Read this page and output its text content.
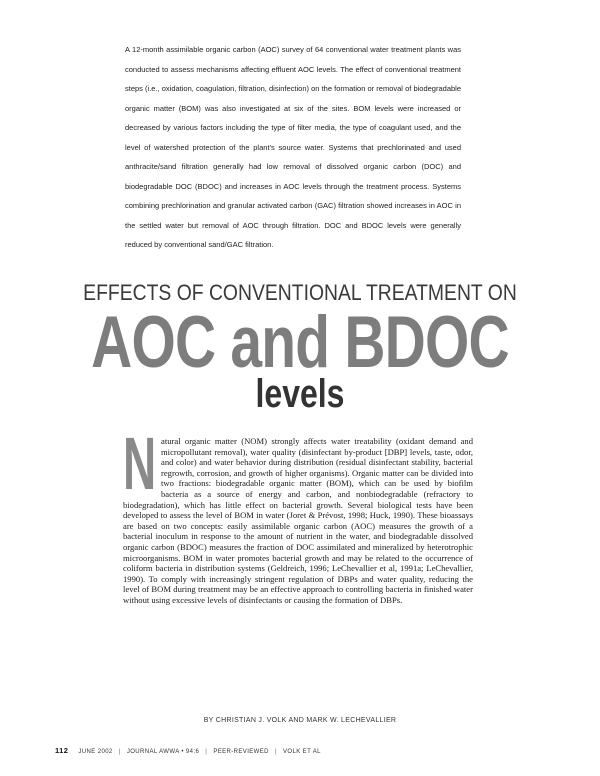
A 12-month assimilable organic carbon (AOC) survey of 64 conventional water treatment plants was conducted to assess mechanisms affecting effluent AOC levels. The effect of conventional treatment steps (i.e., oxidation, coagulation, filtration, disinfection) on the formation or removal of biodegradable organic matter (BOM) was also investigated at six of the sites. BOM levels were increased or decreased by various factors including the type of filter media, the type of coagulant used, and the level of watershed protection of the plant’s source water. Systems that prechlorinated and used anthracite/sand filtration generally had low removal of dissolved organic carbon (DOC) and biodegradable DOC (BDOC) and increases in AOC levels through the treatment process. Systems combining prechlorination and granular activated carbon (GAC) filtration showed increases in AOC in the settled water but removal of AOC through filtration. DOC and BDOC levels were generally reduced by conventional sand/GAC filtration.

EFFECTS OF CONVENTIONAL TREATMENT ON
AOC and BDOC
levels
N atural organic matter (NOM) strongly affects water treatability (oxidant demand and micropollutant removal), water quality (disinfectant by-product [DBP] levels, taste, odor, and color) and water behavior during distribution (residual disinfectant stability, bacterial regrowth, corrosion, and growth of higher organisms). Organic matter can be divided into two fractions: biodegradable organic matter (BOM), which can be used by biofilm bacteria as a source of energy and carbon, and nonbiodegradable (refractory to biodegradation), which has little effect on bacterial growth. Several biological tests have been developed to assess the level of BOM in water (Joret & Prévost, 1998; Huck, 1990). These bioassays are based on two concepts: easily assimilable organic carbon (AOC) measures the growth of a bacterial inoculum in response to the amount of nutrient in the water, and biodegradable dissolved organic carbon (BDOC) measures the fraction of DOC assimilated and mineralized by heterotrophic microorganisms. BOM in water promotes bacterial growth and may be related to the occurrence of coliform bacteria in distribution systems (Geldreich, 1996; LeChevallier et al, 1991a; LeChevallier, 1990). To comply with increasingly stringent regulation of DBPs and water quality, reducing the level of BOM during treatment may be an effective approach to controlling bacteria in finished water without using excessive levels of disinfectants or causing the formation of DBPs.

BY CHRISTIAN J. VOLK AND MARK W. LECHEVALLIER

112 JUNE 2002 | JOURNAL AWWA • 94:6 | PEER-REVIEWED | VOLK ET AL
